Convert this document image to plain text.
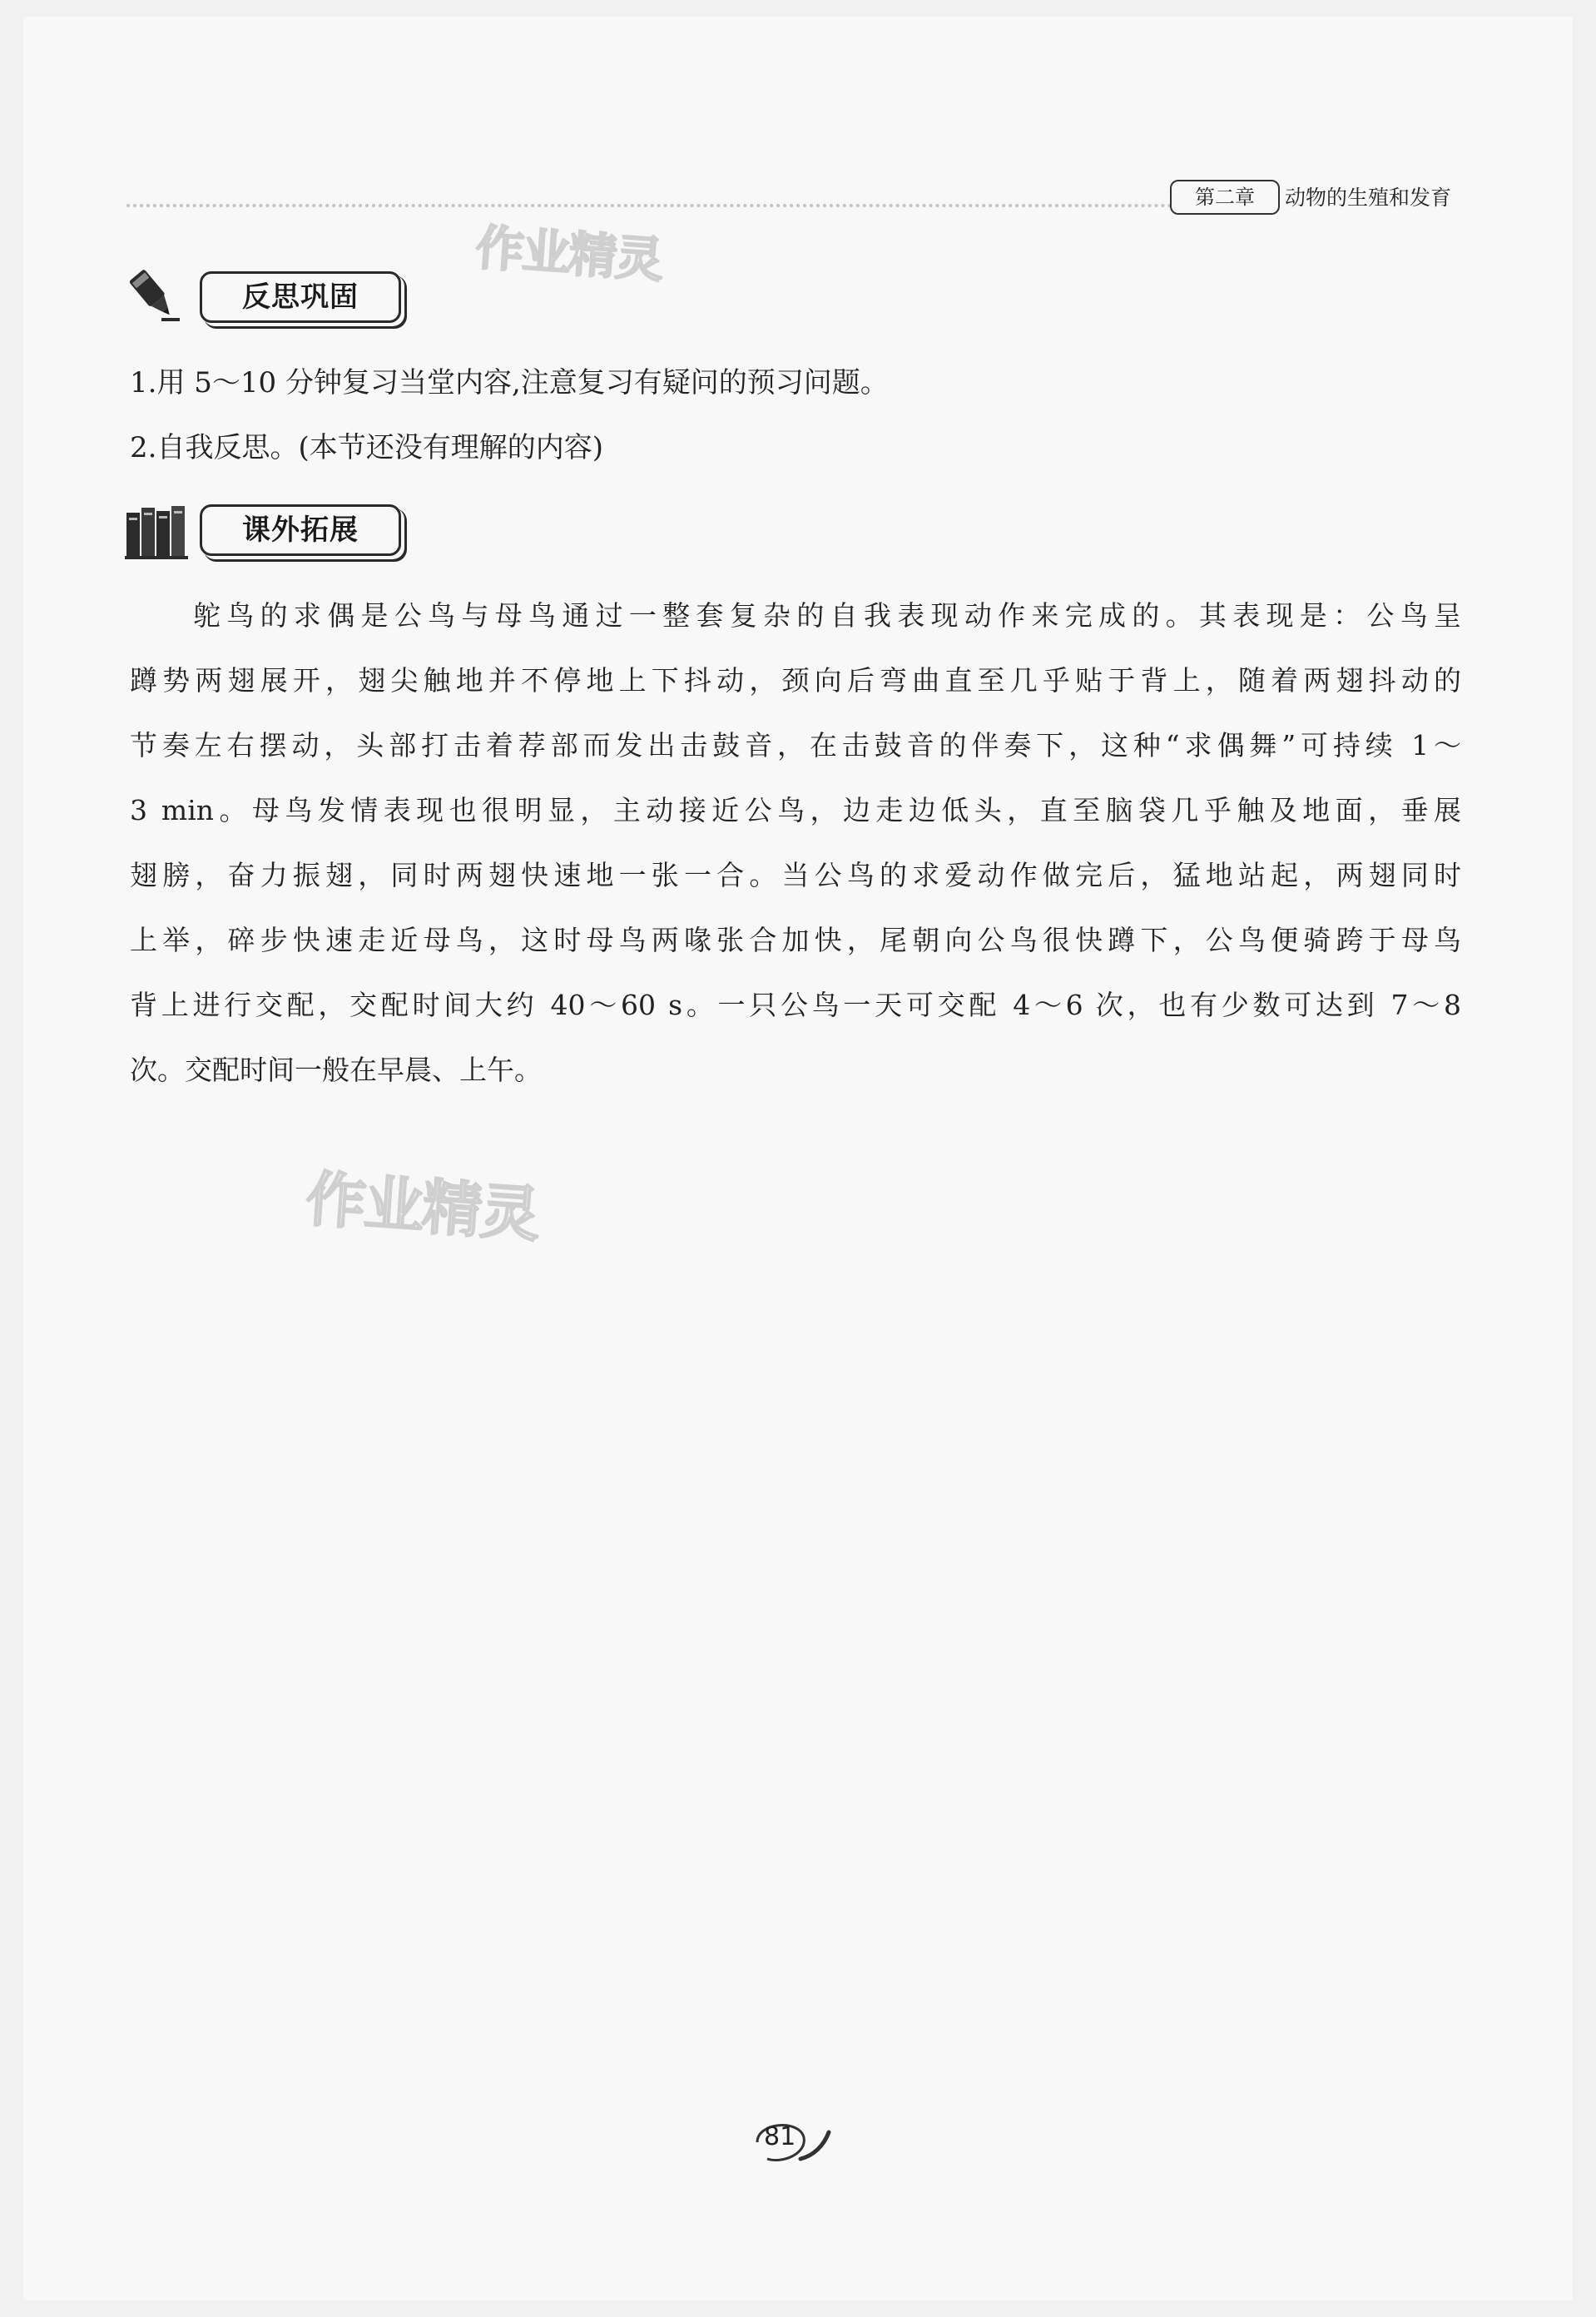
第二章	动物的生殖和发育
作业精灵
作业精灵
反思巩固
1.用 5～10 分钟复习当堂内容,注意复习有疑问的预习问题。
2.自我反思。(本节还没有理解的内容)
课外拓展
鸵鸟的求偶是公鸟与母鸟通过一整套复杂的自我表现动作来完成的。其表现是：公鸟呈
蹲势两翅展开，翅尖触地并不停地上下抖动，颈向后弯曲直至几乎贴于背上，随着两翅抖动的
节奏左右摆动，头部打击着荐部而发出击鼓音，在击鼓音的伴奏下，这种“求偶舞”可持续 1～
3 min。母鸟发情表现也很明显，主动接近公鸟，边走边低头，直至脑袋几乎触及地面，垂展
翅膀，奋力振翅，同时两翅快速地一张一合。当公鸟的求爱动作做完后，猛地站起，两翅同时
上举，碎步快速走近母鸟，这时母鸟两喙张合加快，尾朝向公鸟很快蹲下，公鸟便骑跨于母鸟
背上进行交配，交配时间大约 40～60 s。一只公鸟一天可交配 4～6 次，也有少数可达到 7～8
次。交配时间一般在早晨、上午。
81
